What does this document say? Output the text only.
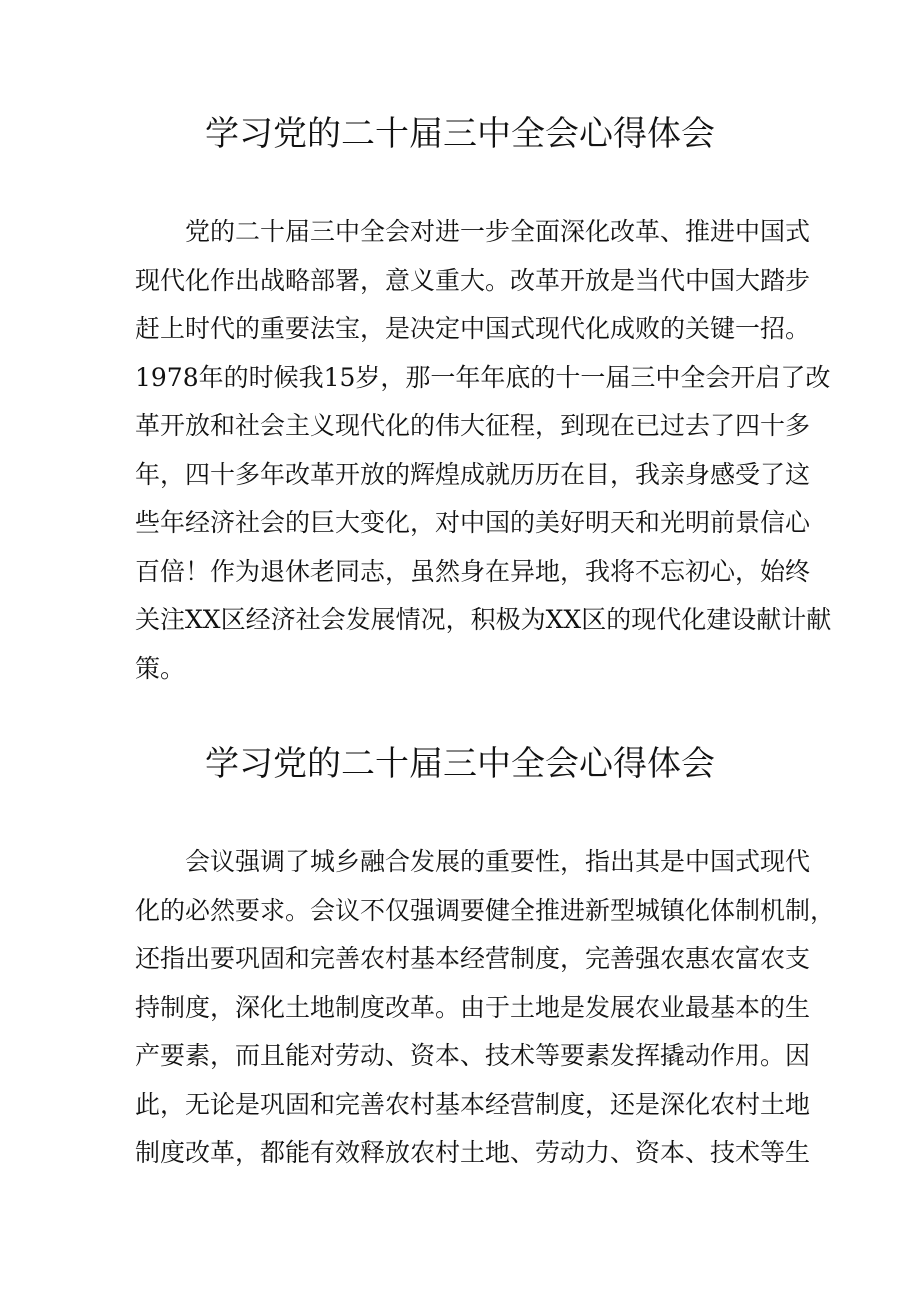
学习党的二十届三中全会心得体会
　　党的二十届三中全会对进一步全面深化改革、推进中国式
现代化作出战略部署，意义重大。改革开放是当代中国大踏步
赶上时代的重要法宝，是决定中国式现代化成败的关键一招。
1978年的时候我15岁，那一年年底的十一届三中全会开启了改
革开放和社会主义现代化的伟大征程，到现在已过去了四十多
年，四十多年改革开放的辉煌成就历历在目，我亲身感受了这
些年经济社会的巨大变化，对中国的美好明天和光明前景信心
百倍！作为退休老同志，虽然身在异地，我将不忘初心，始终
关注XX区经济社会发展情况，积极为XX区的现代化建设献计献
策。
学习党的二十届三中全会心得体会
　　会议强调了城乡融合发展的重要性，指出其是中国式现代
化的必然要求。会议不仅强调要健全推进新型城镇化体制机制，
还指出要巩固和完善农村基本经营制度，完善强农惠农富农支
持制度，深化土地制度改革。由于土地是发展农业最基本的生
产要素，而且能对劳动、资本、技术等要素发挥撬动作用。因
此，无论是巩固和完善农村基本经营制度，还是深化农村土地
制度改革，都能有效释放农村土地、劳动力、资本、技术等生
